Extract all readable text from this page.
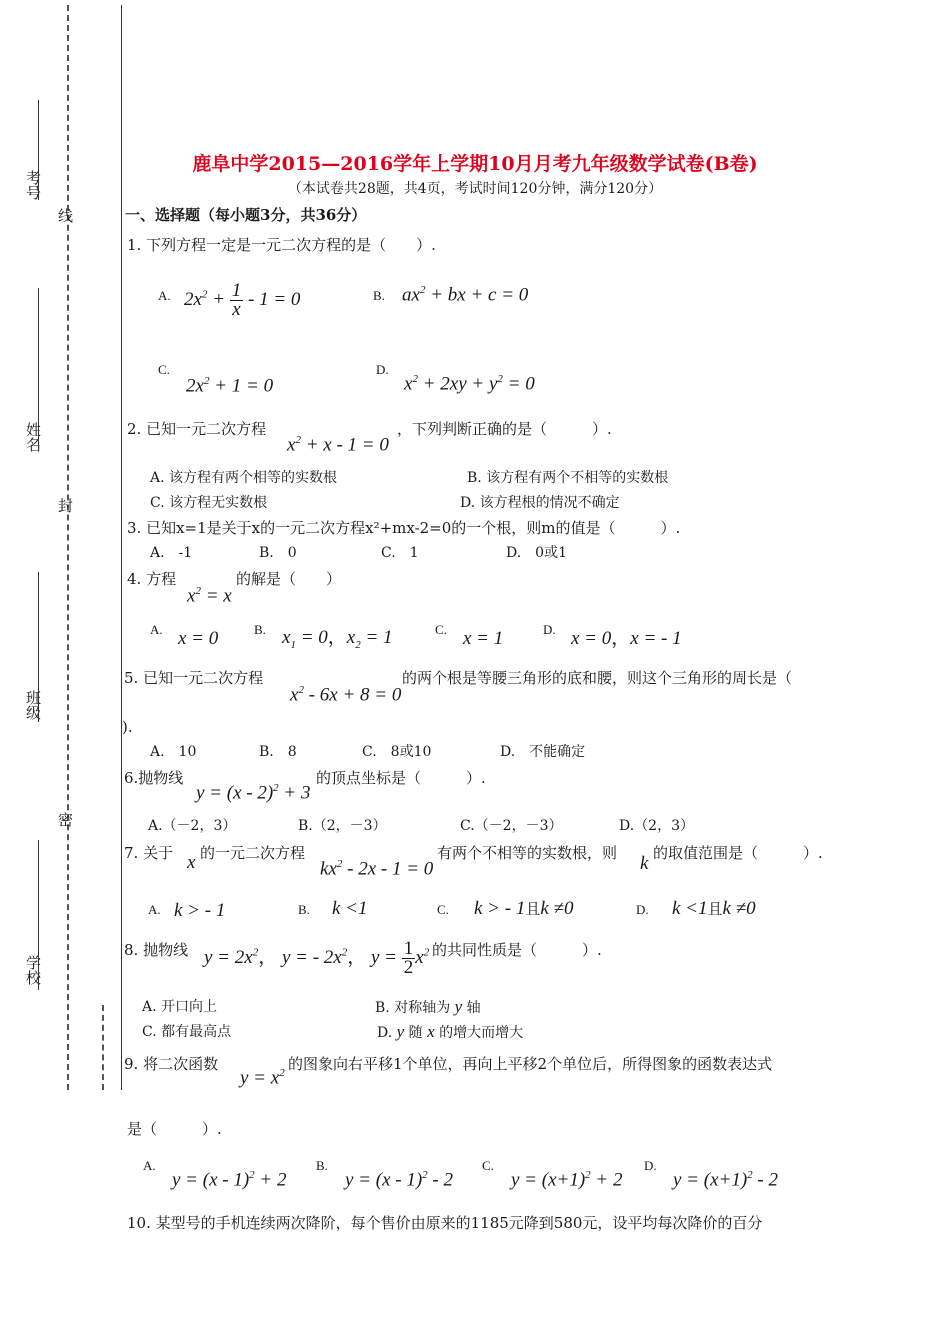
考号
姓名
班级
学校
线
封
密
鹿阜中学2015—2016学年上学期10月月考九年级数学试卷(B卷)
（本试卷共28题，共4页，考试时间120分钟，满分120分）
一、选择题（每小题3分，共36分）
1. 下列方程一定是一元二次方程的是（　　）.
A. $2x^2 + \frac{1}{x} - 1 = 0$	B. $ax^2$ + bx + c = 0
C.
$2x^2 + 1 = 0$
D.
$x^2 + 2xy + y^2 = 0$
2. 已知一元二次方程
$x^2 + x - 1 = 0$
，下列判断正确的是（　　　）.
A. 该方程有两个相等的实数根	B. 该方程有两个不相等的实数根
C. 该方程无实数根	D. 该方程根的情况不确定
3. 已知x=1是关于x的一元二次方程x²+mx-2=0的一个根，则m的值是（　　　）.
A.　-1	B.　0	C.　1	D.　0或1
4. 方程
$x^2 = x$
的解是（　　）
A. x = 0	B. $x_1 = 0$，$x_2 = 1$	C. x = 1	D. x = 0，x = - 1
5. 已知一元二次方程
$x^2 - 6x + 8 = 0$
的两个根是等腰三角形的底和腰，则这个三角形的周长是（
).
A.　10	B.　8	C.　8或10	D.　不能确定
6.抛物线
y = (x - 2)$^2$ + 3
的顶点坐标是（　　　）.
A.（－2，3）	B.（2，－3）	C.（－2，－3）	D.（2，3）
7. 关于 x 的一元二次方程
$kx^2 - 2x - 1 = 0$
有两个不相等的实数根，则 k 的取值范围是（　　　）.
A. k > - 1	B. k <1	C. k > - 1且k ≠0	D. k <1且k ≠0
8. 抛物线 $y = 2x^2$， y = - $2x^2$， $y = \frac{1}{2} x^2$ 的共同性质是（　　　）.
A. 开口向上	B. 对称轴为 y 轴
C. 都有最高点	D. y 随 x 的增大而增大
9. 将二次函数
$y = x^2$ 的图象向右平移1个单位，再向上平移2个单位后，所得图象的函数表达式
是（　　　）.
A.
y = (x - 1)$^2$ + 2
B.
y = (x - 1)$^2$ - 2
C.
$y = (x+1)^2 + 2$
D.
$y = (x+1)^2 - 2$
10. 某型号的手机连续两次降阶，每个售价由原来的1185元降到580元，设平均每次降价的百分
